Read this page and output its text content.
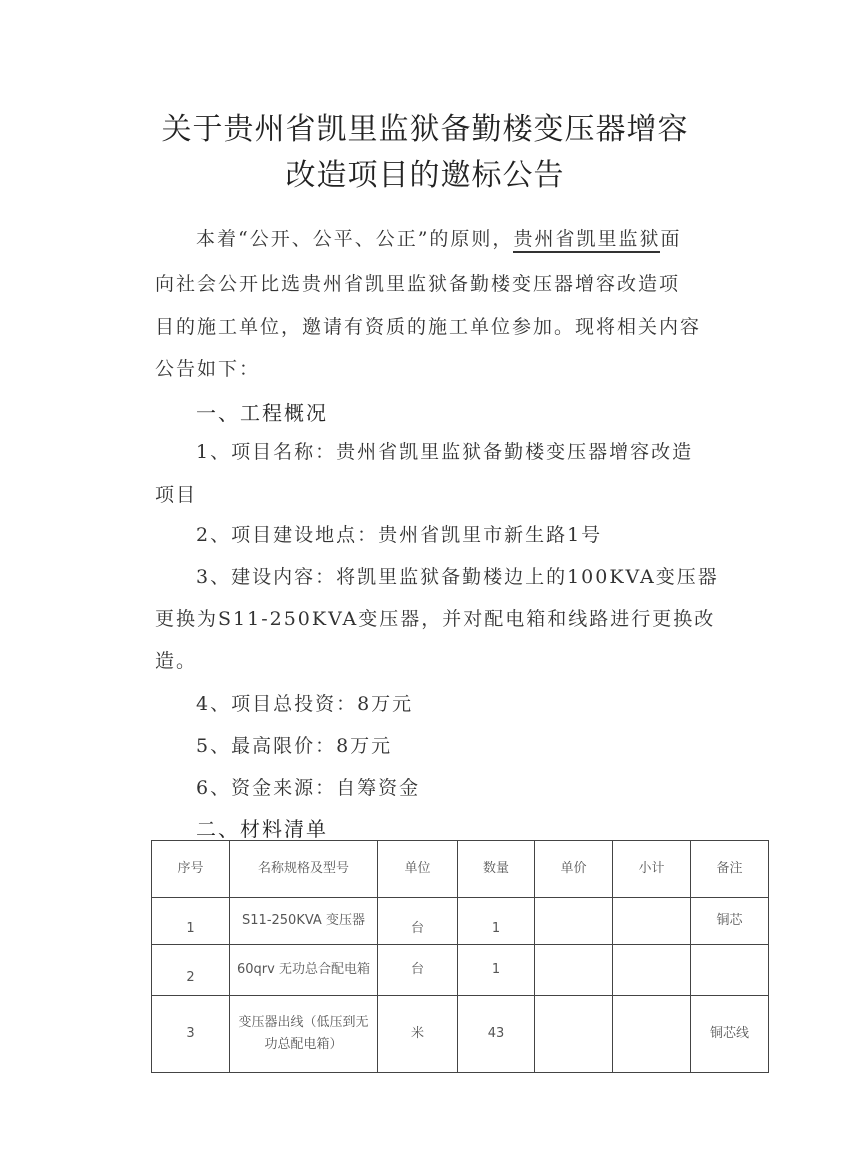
关于贵州省凯里监狱备勤楼变压器增容
改造项目的邀标公告
本着“公开、公平、公正”的原则，贵州省凯里监狱面
向社会公开比选贵州省凯里监狱备勤楼变压器增容改造项
目的施工单位，邀请有资质的施工单位参加。现将相关内容
公告如下：
一、工程概况
1、项目名称：贵州省凯里监狱备勤楼变压器增容改造
项目
2、项目建设地点：贵州省凯里市新生路1号
3、建设内容：将凯里监狱备勤楼边上的100KVA变压器
更换为S11-250KVA变压器，并对配电箱和线路进行更换改
造。
4、项目总投资：8万元
5、最高限价：8万元
6、资金来源：自筹资金
二、材料清单
序号	名称规格及型号	单位	数量	单价	小计	备注
1	S11-250KVA 变压器	台	1			铜芯
2	60qrv 无功总合配电箱	台	1			
3	变压器出线（低压到无功总配电箱）	米	43			铜芯线
